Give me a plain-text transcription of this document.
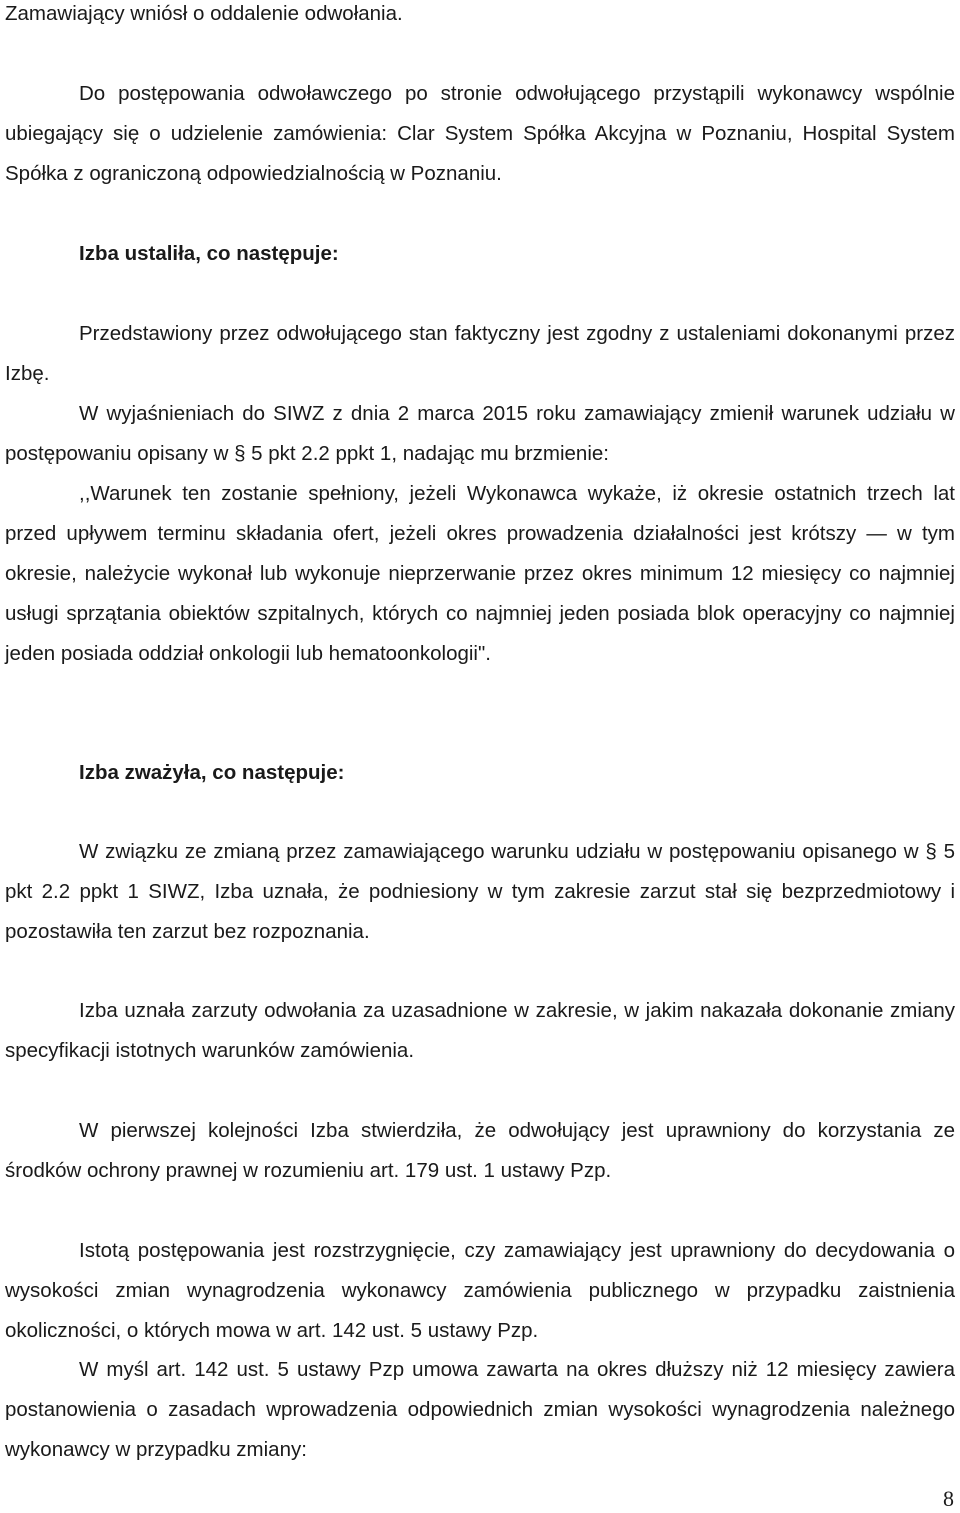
Zamawiający wniósł o oddalenie odwołania.

Do postępowania odwoławczego po stronie odwołującego przystąpili wykonawcy wspólnie ubiegający się o udzielenie zamówienia: Clar System Spółka Akcyjna w Poznaniu, Hospital System Spółka z ograniczoną odpowiedzialnością w Poznaniu.

Izba ustaliła, co następuje:

Przedstawiony przez odwołującego stan faktyczny jest zgodny z ustaleniami dokonanymi przez Izbę.

W wyjaśnieniach do SIWZ z dnia 2 marca 2015 roku zamawiający zmienił warunek udziału w postępowaniu opisany w § 5 pkt 2.2 ppkt 1, nadając mu brzmienie:

,,Warunek ten zostanie spełniony, jeżeli Wykonawca wykaże, iż okresie ostatnich trzech lat przed upływem terminu składania ofert, jeżeli okres prowadzenia działalności jest krótszy — w tym okresie, należycie wykonał lub wykonuje nieprzerwanie przez okres minimum 12 miesięcy co najmniej usługi sprzątania obiektów szpitalnych, których co najmniej jeden posiada blok operacyjny co najmniej jeden posiada oddział onkologii lub hematoonkologii".

Izba zważyła, co następuje:

W związku ze zmianą przez zamawiającego warunku udziału w postępowaniu opisanego w § 5 pkt 2.2 ppkt 1 SIWZ, Izba uznała, że podniesiony w tym zakresie zarzut stał się bezprzedmiotowy i pozostawiła ten zarzut bez rozpoznania.

Izba uznała zarzuty odwołania za uzasadnione w zakresie, w jakim nakazała dokonanie zmiany specyfikacji istotnych warunków zamówienia.

W pierwszej kolejności Izba stwierdziła, że odwołujący jest uprawniony do korzystania ze środków ochrony prawnej w rozumieniu art. 179 ust. 1 ustawy Pzp.

Istotą postępowania jest rozstrzygnięcie, czy zamawiający jest uprawniony do decydowania o wysokości zmian wynagrodzenia wykonawcy zamówienia publicznego w przypadku zaistnienia okoliczności, o których mowa w art. 142 ust. 5 ustawy Pzp.

W myśl art. 142 ust. 5 ustawy Pzp umowa zawarta na okres dłuższy niż 12 miesięcy zawiera postanowienia o zasadach wprowadzenia odpowiednich zmian wysokości wynagrodzenia należnego wykonawcy w przypadku zmiany:

8
